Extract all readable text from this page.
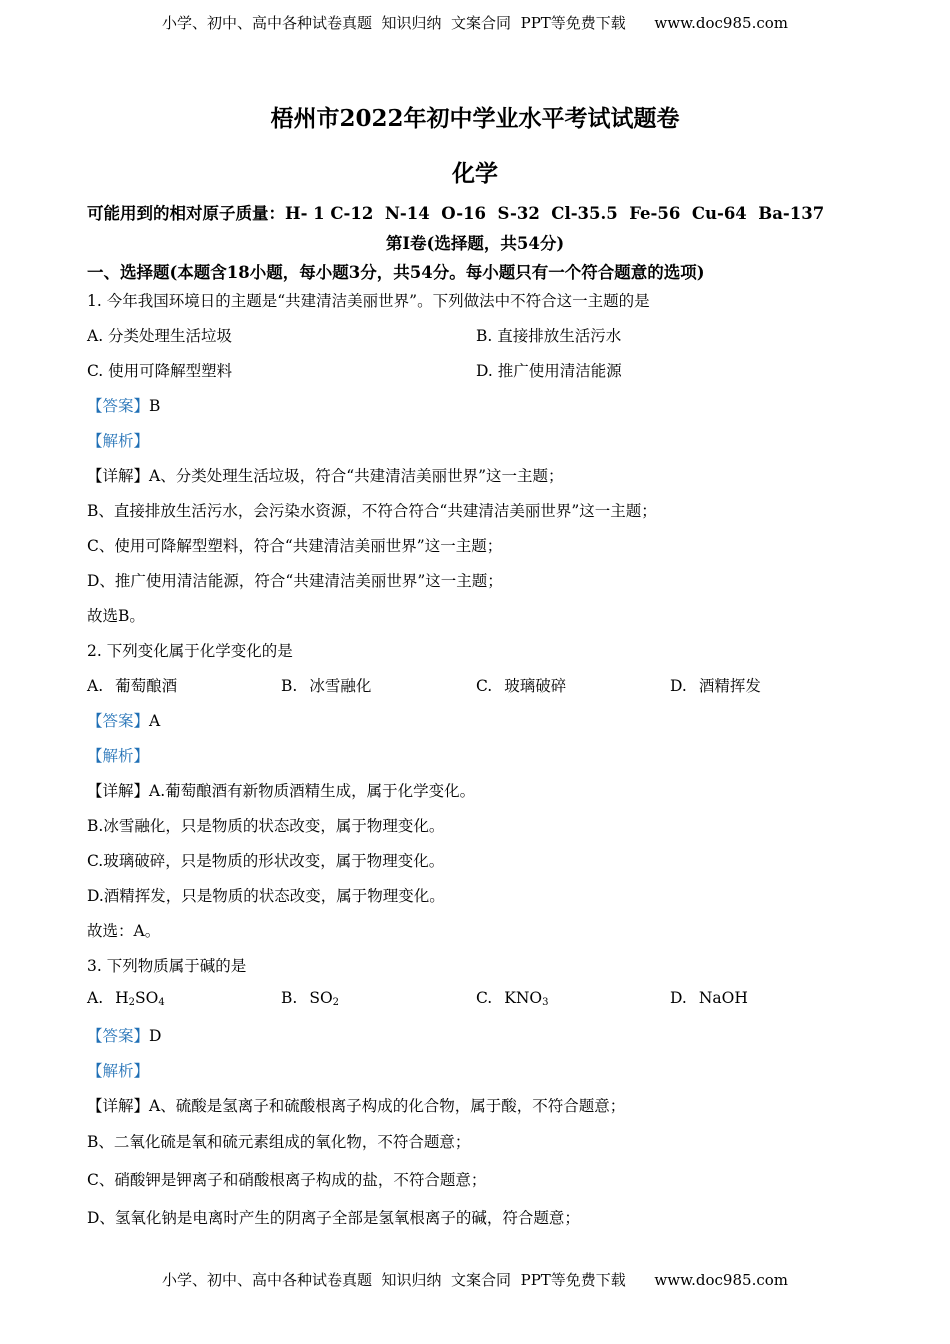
小学、初中、高中各种试卷真题  知识归纳  文案合同  PPT等免费下载      www.doc985.com
梧州市2022年初中学业水平考试试题卷
化学
可能用到的相对原子质量：H- 1 C-12  N-14  O-16  S-32  Cl-35.5  Fe-56  Cu-64  Ba-137
第Ⅰ卷(选择题，共54分)
一、选择题(本题含18小题，每小题3分，共54分。每小题只有一个符合题意的选项)
1. 今年我国环境日的主题是“共建清洁美丽世界”。下列做法中不符合这一主题的是
A. 分类处理生活垃圾	B. 直接排放生活污水
C. 使用可降解型塑料	D. 推广使用清洁能源
【答案】B
【解析】
【详解】A、分类处理生活垃圾，符合“共建清洁美丽世界”这一主题；
B、直接排放生活污水，会污染水资源，不符合符合“共建清洁美丽世界”这一主题；
C、使用可降解型塑料，符合“共建清洁美丽世界”这一主题；
D、推广使用清洁能源，符合“共建清洁美丽世界”这一主题；
故选B。
2. 下列变化属于化学变化的是
A. 葡萄酿酒	B. 冰雪融化	C. 玻璃破碎	D. 酒精挥发
【答案】A
【解析】
【详解】A.葡萄酿酒有新物质酒精生成，属于化学变化。
B.冰雪融化，只是物质的状态改变，属于物理变化。
C.玻璃破碎，只是物质的形状改变，属于物理变化。
D.酒精挥发，只是物质的状态改变，属于物理变化。
故选：A。
3. 下列物质属于碱的是
A. $H_2SO_4$	B. $SO_2$	C. $KNO_3$	D. NaOH
【答案】D
【解析】
【详解】A、硫酸是氢离子和硫酸根离子构成的化合物，属于酸，不符合题意；
B、二氧化硫是氧和硫元素组成的氧化物，不符合题意；
C、硝酸钾是钾离子和硝酸根离子构成的盐，不符合题意；
D、氢氧化钠是电离时产生的阴离子全部是氢氧根离子的碱，符合题意；
小学、初中、高中各种试卷真题  知识归纳  文案合同  PPT等免费下载      www.doc985.com
